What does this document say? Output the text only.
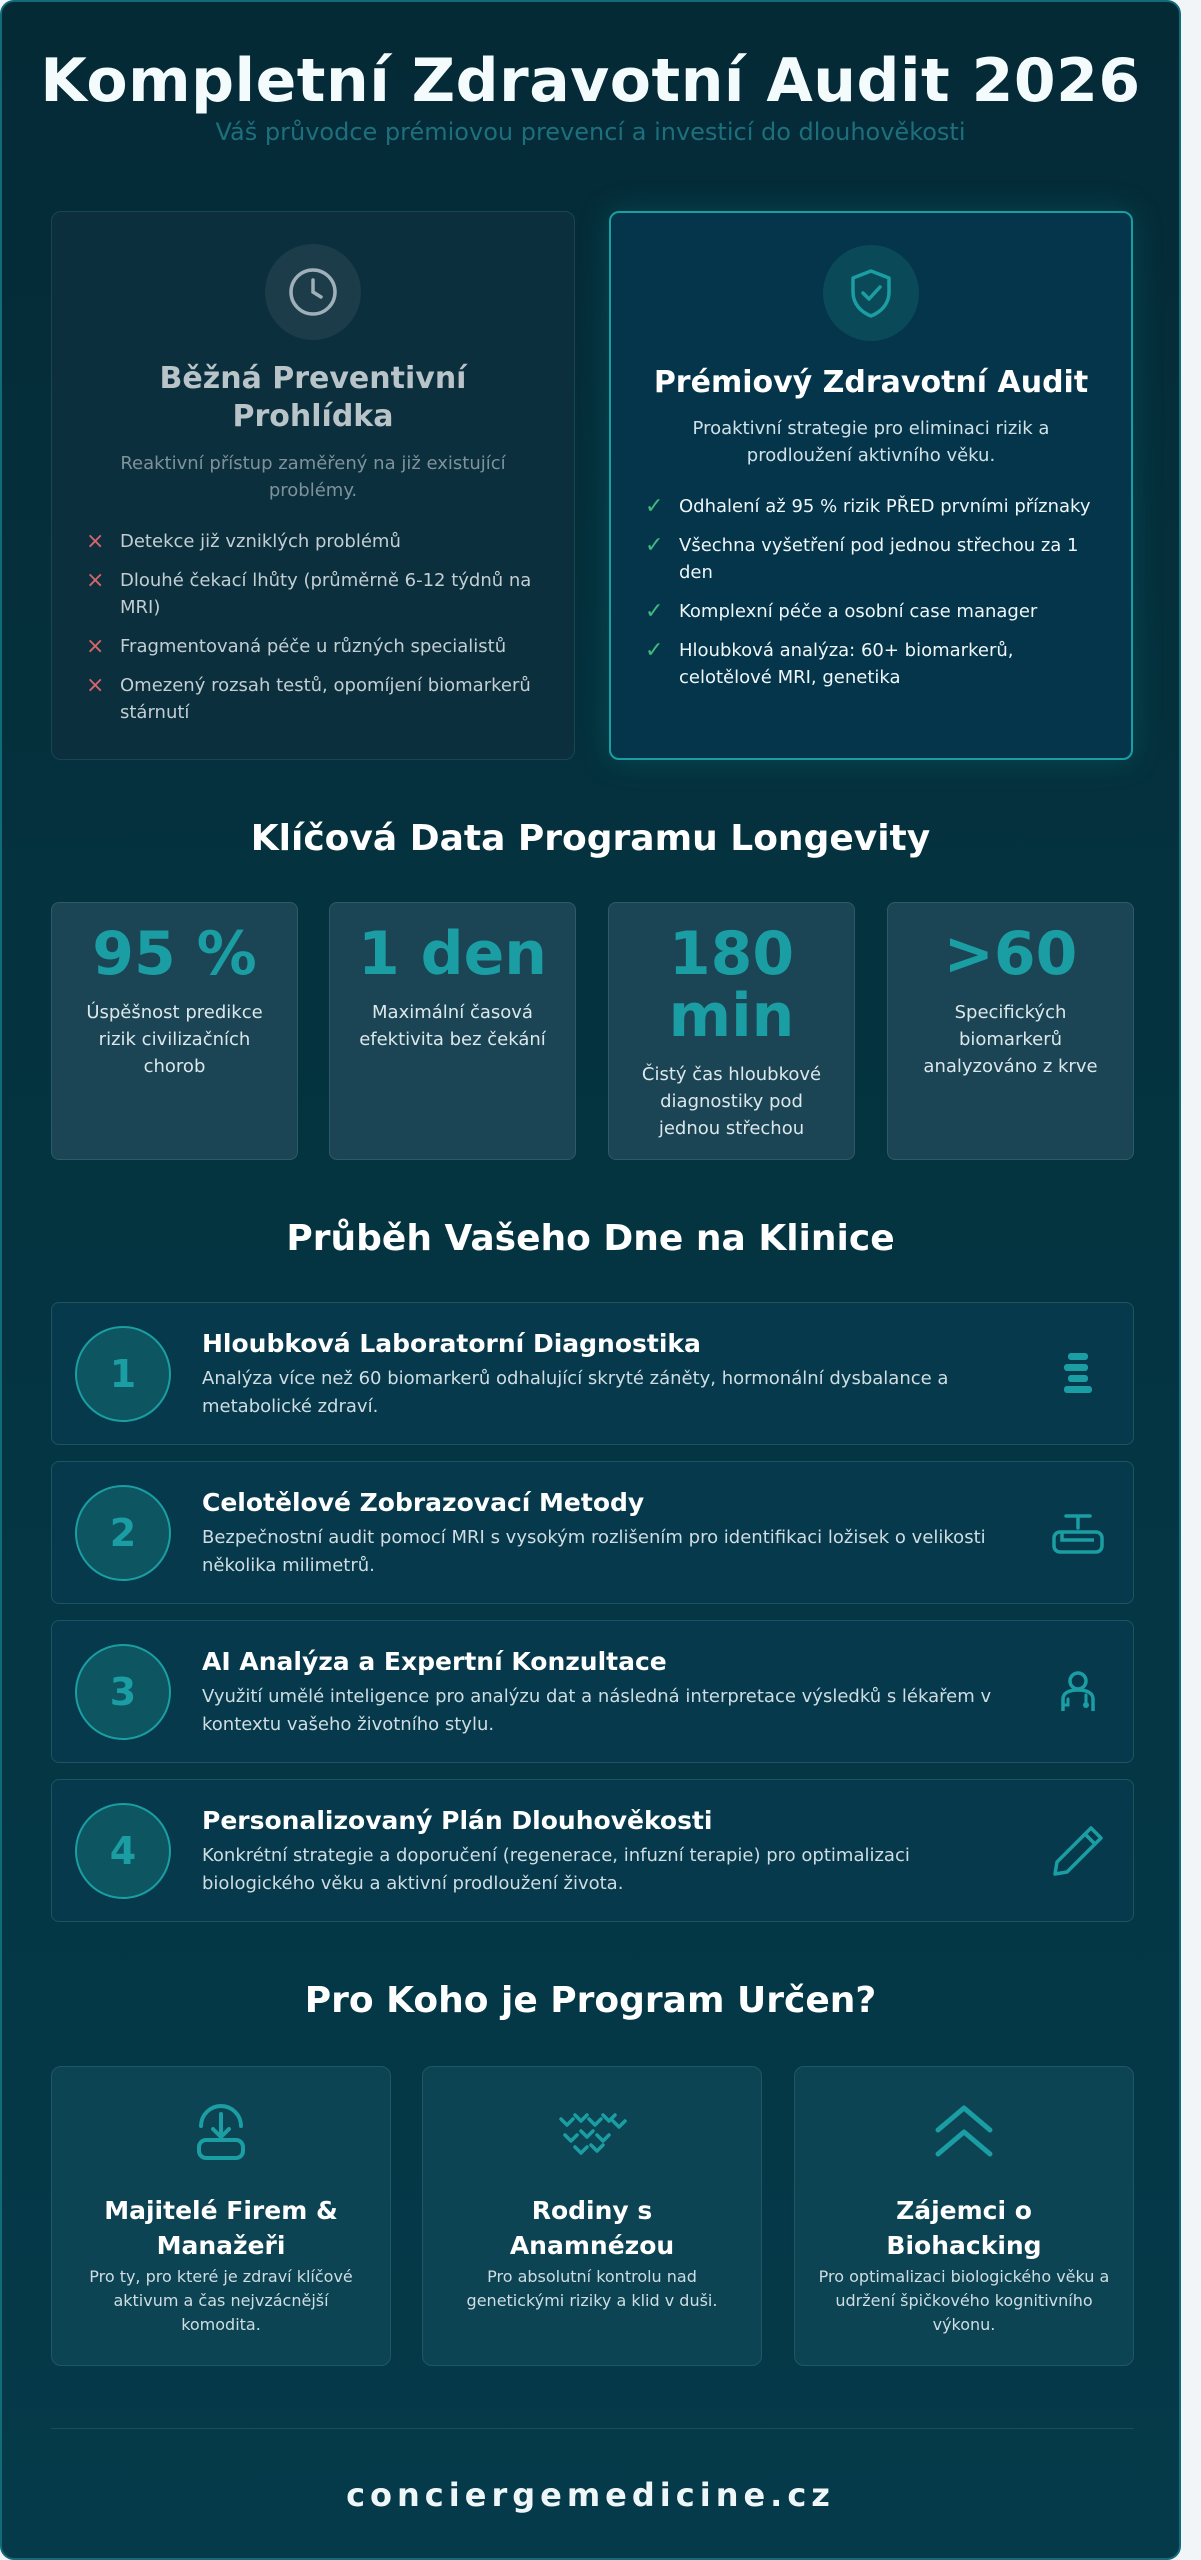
Kompletní Zdravotní Audit 2026
Váš průvodce prémiovou prevencí a investicí do dlouhověkosti
Běžná Preventivní Prohlídka
Reaktivní přístup zaměřený na již existující problémy.
× Detekce již vzniklých problémů
× Dlouhé čekací lhůty (průměrně 6-12 týdnů na MRI)
× Fragmentovaná péče u různých specialistů
× Omezený rozsah testů, opomíjení biomarkerů stárnutí
Prémiový Zdravotní Audit
Proaktivní strategie pro eliminaci rizik a prodloužení aktivního věku.
✓ Odhalení až 95 % rizik PŘED prvními příznaky
✓ Všechna vyšetření pod jednou střechou za 1 den
✓ Komplexní péče a osobní case manager
✓ Hloubková analýza: 60+ biomarkerů, celotělové MRI, genetika
Klíčová Data Programu Longevity
95 %
Úspěšnost predikce rizik civilizačních chorob
1 den
Maximální časová efektivita bez čekání
180 min
Čistý čas hloubkové diagnostiky pod jednou střechou
>60
Specifických biomarkerů analyzováno z krve
Průběh Vašeho Dne na Klinice
1
Hloubková Laboratorní Diagnostika
Analýza více než 60 biomarkerů odhalující skryté záněty, hormonální dysbalance a metabolické zdraví.
2
Celotělové Zobrazovací Metody
Bezpečnostní audit pomocí MRI s vysokým rozlišením pro identifikaci ložisek o velikosti několika milimetrů.
3
AI Analýza a Expertní Konzultace
Využití umělé inteligence pro analýzu dat a následná interpretace výsledků s lékařem v kontextu vašeho životního stylu.
4
Personalizovaný Plán Dlouhověkosti
Konkrétní strategie a doporučení (regenerace, infuzní terapie) pro optimalizaci biologického věku a aktivní prodloužení života.
Pro Koho je Program Určen?
Majitelé Firem & Manažeři
Pro ty, pro které je zdraví klíčové aktivum a čas nejvzácnější komodita.
Rodiny s Anamnézou
Pro absolutní kontrolu nad genetickými riziky a klid v duši.
Zájemci o Biohacking
Pro optimalizaci biologického věku a udržení špičkového kognitivního výkonu.
conciergemedicine.cz
